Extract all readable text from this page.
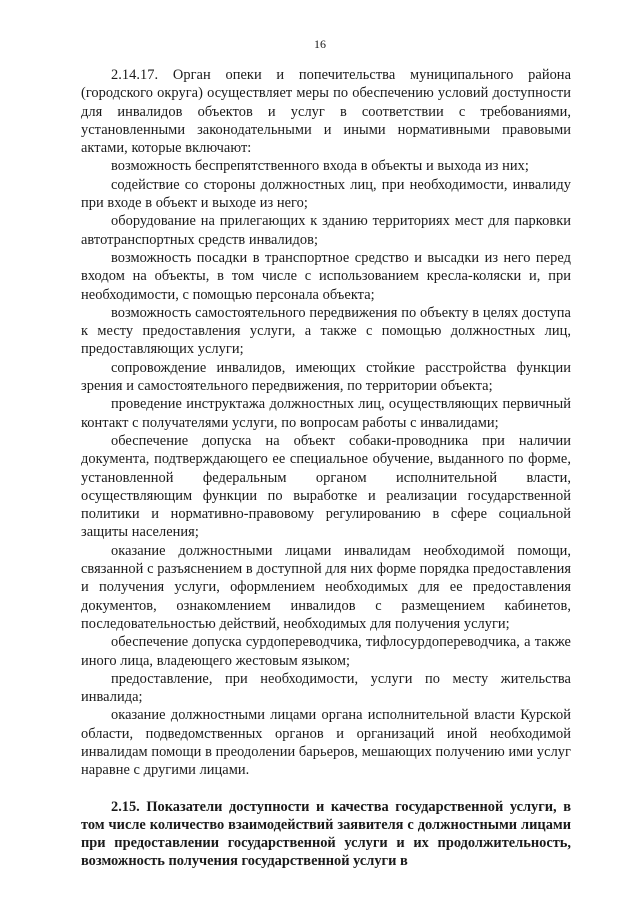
16

2.14.17. Орган опеки и попечительства муниципального района (городского округа) осуществляет меры по обеспечению условий доступности для инвалидов объектов и услуг в соответствии с требованиями, установленными законодательными и иными нормативными правовыми актами, которые включают:

возможность беспрепятственного входа в объекты и выхода из них;

содействие со стороны должностных лиц, при необходимости, инвалиду при входе в объект и выходе из него;

оборудование на прилегающих к зданию территориях мест для парковки автотранспортных средств инвалидов;

возможность посадки в транспортное средство и высадки из него перед входом на объекты, в том числе с использованием кресла-коляски и, при необходимости, с помощью персонала объекта;

возможность самостоятельного передвижения по объекту в целях доступа к месту предоставления услуги, а также с помощью должностных лиц, предоставляющих услуги;

сопровождение инвалидов, имеющих стойкие расстройства функции зрения и самостоятельного передвижения, по территории объекта;

проведение инструктажа должностных лиц, осуществляющих первичный контакт с получателями услуги, по вопросам работы с инвалидами;

обеспечение допуска на объект собаки-проводника при наличии документа, подтверждающего ее специальное обучение, выданного по форме, установленной федеральным органом исполнительной власти, осуществляющим функции по выработке и реализации государственной политики и нормативно-правовому регулированию в сфере социальной защиты населения;

оказание должностными лицами инвалидам необходимой помощи, связанной с разъяснением в доступной для них форме порядка предоставления и получения услуги, оформлением необходимых для ее предоставления документов, ознакомлением инвалидов с размещением кабинетов, последовательностью действий, необходимых для получения услуги;

обеспечение допуска сурдопереводчика, тифлосурдопереводчика, а также иного лица, владеющего жестовым языком;

предоставление, при необходимости, услуги по месту жительства инвалида;

оказание должностными лицами органа исполнительной власти Курской области, подведомственных органов и организаций иной необходимой инвалидам помощи в преодолении барьеров, мешающих получению ими услуг наравне с другими лицами.

2.15. Показатели доступности и качества государственной услуги, в том числе количество взаимодействий заявителя с должностными лицами при предоставлении государственной услуги и их продолжительность, возможность получения государственной услуги в
